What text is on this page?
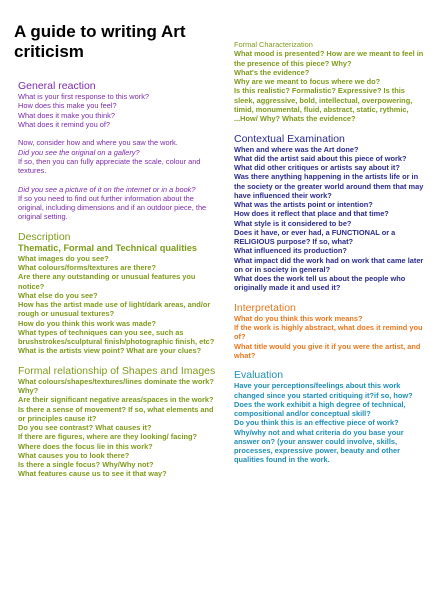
A guide to writing Art criticism
General reaction

What is your first response to this work?

How does this make you feel?

What does it make you think?

What does it remind you of?

Now, consider how and where you saw the work.

Did you see the original on a gallery?

If so, then you can fully appreciate the scale, colour and textures.

Did you see a picture of it on the internet or in a book?

If so you need to find out further information about the original, including dimensions and if an outdoor piece, the original setting.

Description
Thematic, Formal and Technical qualities

What images do you see?

What colours/forms/textures are there?

Are there any outstanding or unusual features you notice?

What else do you see?

How has the artist made use of light/dark areas, and/or rough or unusual textures?

How do you think this work was made?

What types of techniques can you see, such as brushstrokes/sculptural finish/photographic finish, etc?

What is the artists view point? What are your clues?

Formal relationship of Shapes and Images

What colours/shapes/textures/lines dominate the work? Why?

Are their significant negative areas/spaces in the work?

Is there a sense of movement? If so, what elements and or principles cause it?

Do you see contrast? What causes it?

If there are figures, where are they looking/ facing?

Where does the focus lie in this work?

What causes you to look there?

Is there a single focus? Why/Why not?

What features cause us to see it that way?

Formal Characterization

What mood is presented? How are we meant to feel in the presence of this piece? Why?

What's the evidence?

Why are we meant to focus where we do?

Is this realistic? Formalistic? Expressive? Is this sleek, aggressive, bold, intellectual, overpowering, timid, monumental, fluid, abstract, static, rythmic, ...How/ Why? Whats the evidence?

Contextual Examination

When and where was the Art done?

What did the artist said about this piece of work? What did other critiques or artists say about it?

Was there anything happening in the artists life or in the society or the greater world around them that may have influenced their work?

What was the artists point or intention?

How does it reflect that place and that time?

What style is it considered to be?

Does it have, or ever had, a FUNCTIONAL or a RELIGIOUS purpose? If so, what?

What influenced its production?

What impact did the work had on work that came later on or in society in general?

What does the work tell us about the people who originally made it and used it?

Interpretation

What do you think this work means?

If the work is highly abstract, what does it remind you of?

What title would you give it if you were the artist, and what?

Evaluation

Have your perceptions/feelings about this work changed since you started critiquing it?if so, how?

Does the work exhibit a high degree of technical, compositional and/or conceptual skill?

Do you think this is an effective piece of work? Why/why not and what criteria do you base your answer on? (your answer could involve, skills, processes, expressive power, beauty and other qualities found in the work.
